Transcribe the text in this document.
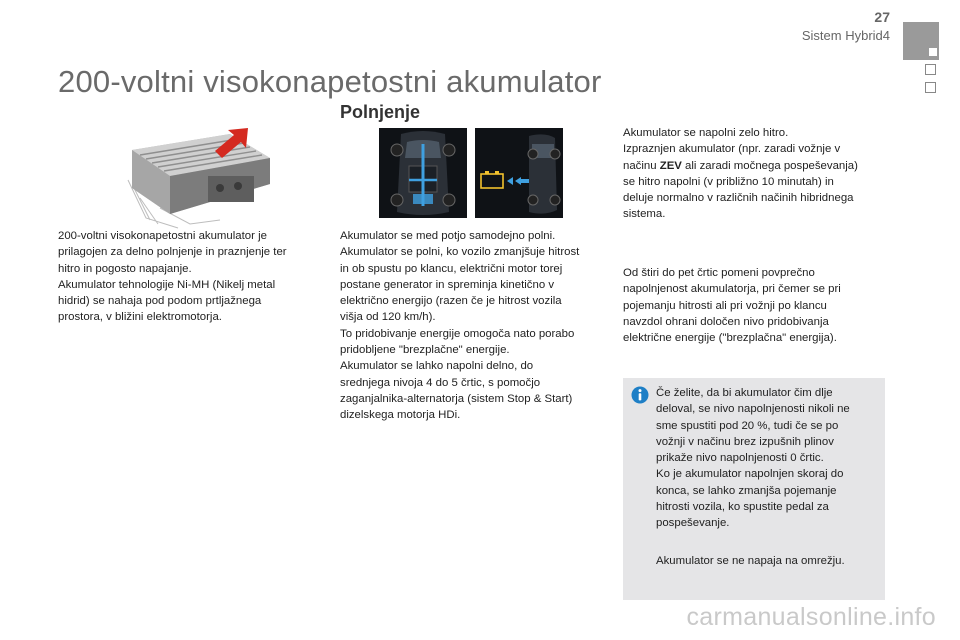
27
Sistem Hybrid4
200-voltni visokonapetostni akumulator
Polnjenje

200-voltni visokonapetostni akumulator je
prilagojen za delno polnjenje in praznjenje ter
hitro in pogosto napajanje.
Akumulator tehnologije Ni-MH (Nikelj metal
hidrid) se nahaja pod podom prtljažnega
prostora, v bližini elektromotorja.

Akumulator se med potjo samodejno polni.
Akumulator se polni, ko vozilo zmanjšuje hitrost
in ob spustu po klancu, električni motor torej
postane generator in spreminja kinetično v
električno energijo (razen če je hitrost vozila
višja od 120 km/h).
To pridobivanje energije omogoča nato porabo
pridobljene "brezplačne" energije.
Akumulator se lahko napolni delno, do
srednjega nivoja 4 do 5 črtic, s pomočjo
zaganjalnika-alternatorja (sistem Stop & Start)
dizelskega motorja HDi.

Akumulator se napolni zelo hitro.
Izpraznjen akumulator (npr. zaradi vožnje v
načinu ZEV ali zaradi močnega pospeševanja)
se hitro napolni (v približno 10 minutah) in
deluje normalno v različnih načinih hibridnega
sistema.

Od štiri do pet črtic pomeni povprečno
napolnjenost akumulatorja, pri čemer se pri
pojemanju hitrosti ali pri vožnji po klancu
navzdol ohrani določen nivo pridobivanja
električne energije ("brezplačna" energija).

Če želite, da bi akumulator čim dlje
deloval, se nivo napolnjenosti nikoli ne
sme spustiti pod 20 %, tudi če se po
vožnji v načinu brez izpušnih plinov
prikaže nivo napolnjenosti 0 črtic.
Ko je akumulator napolnjen skoraj do
konca, se lahko zmanjša pojemanje
hitrosti vozila, ko spustite pedal za
pospeševanje.

Akumulator se ne napaja na omrežju.

carmanualsonline.info
